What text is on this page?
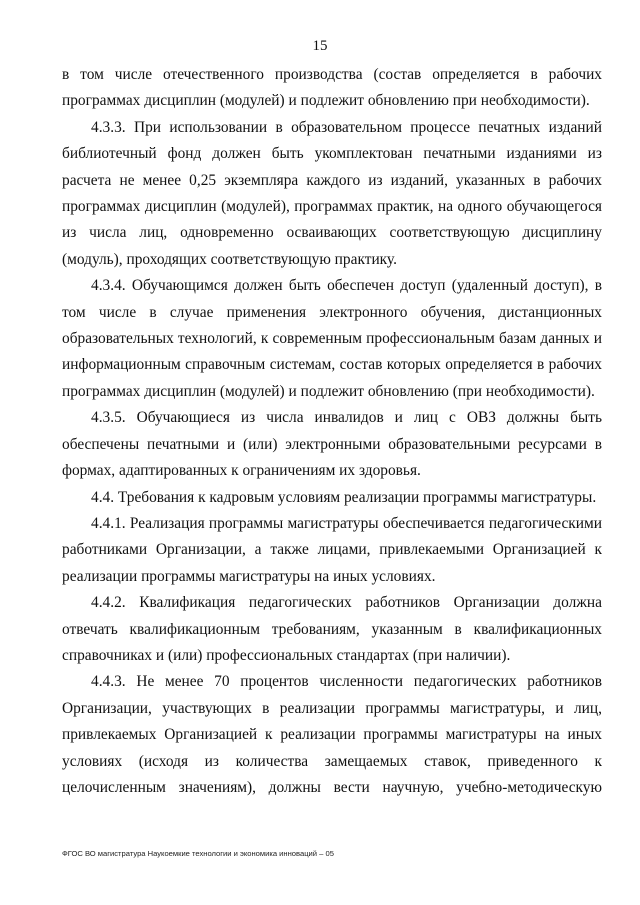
15

в том числе отечественного производства (состав определяется в рабочих программах дисциплин (модулей) и подлежит обновлению при необходимости).

4.3.3. При использовании в образовательном процессе печатных изданий библиотечный фонд должен быть укомплектован печатными изданиями из расчета не менее 0,25 экземпляра каждого из изданий, указанных в рабочих программах дисциплин (модулей), программах практик, на одного обучающегося из числа лиц, одновременно осваивающих соответствующую дисциплину (модуль), проходящих соответствующую практику.

4.3.4. Обучающимся должен быть обеспечен доступ (удаленный доступ), в том числе в случае применения электронного обучения, дистанционных образовательных технологий, к современным профессиональным базам данных и информационным справочным системам, состав которых определяется в рабочих программах дисциплин (модулей) и подлежит обновлению (при необходимости).

4.3.5. Обучающиеся из числа инвалидов и лиц с ОВЗ должны быть обеспечены печатными и (или) электронными образовательными ресурсами в формах, адаптированных к ограничениям их здоровья.

4.4. Требования к кадровым условиям реализации программы магистратуры.

4.4.1. Реализация программы магистратуры обеспечивается педагогическими работниками Организации, а также лицами, привлекаемыми Организацией к реализации программы магистратуры на иных условиях.

4.4.2. Квалификация педагогических работников Организации должна отвечать квалификационным требованиям, указанным в квалификационных справочниках и (или) профессиональных стандартах (при наличии).

4.4.3. Не менее 70 процентов численности педагогических работников Организации, участвующих в реализации программы магистратуры, и лиц, привлекаемых Организацией к реализации программы магистратуры на иных условиях (исходя из количества замещаемых ставок, приведенного к целочисленным значениям), должны вести научную, учебно-методическую

ФГОС ВО магистратура Наукоемкие технологии и экономика инноваций – 05
